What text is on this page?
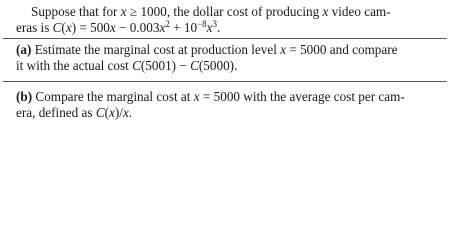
Suppose that for x ≥ 1000, the dollar cost of producing x video cam-
eras is $C(x) = 500x - 0.003x^2 + 10^{-8}x^3$.
(a) Estimate the marginal cost at production level x = 5000 and compare
it with the actual cost C(5001) − C(5000).
(b) Compare the marginal cost at x = 5000 with the average cost per cam-
era, defined as C(x)/x.
